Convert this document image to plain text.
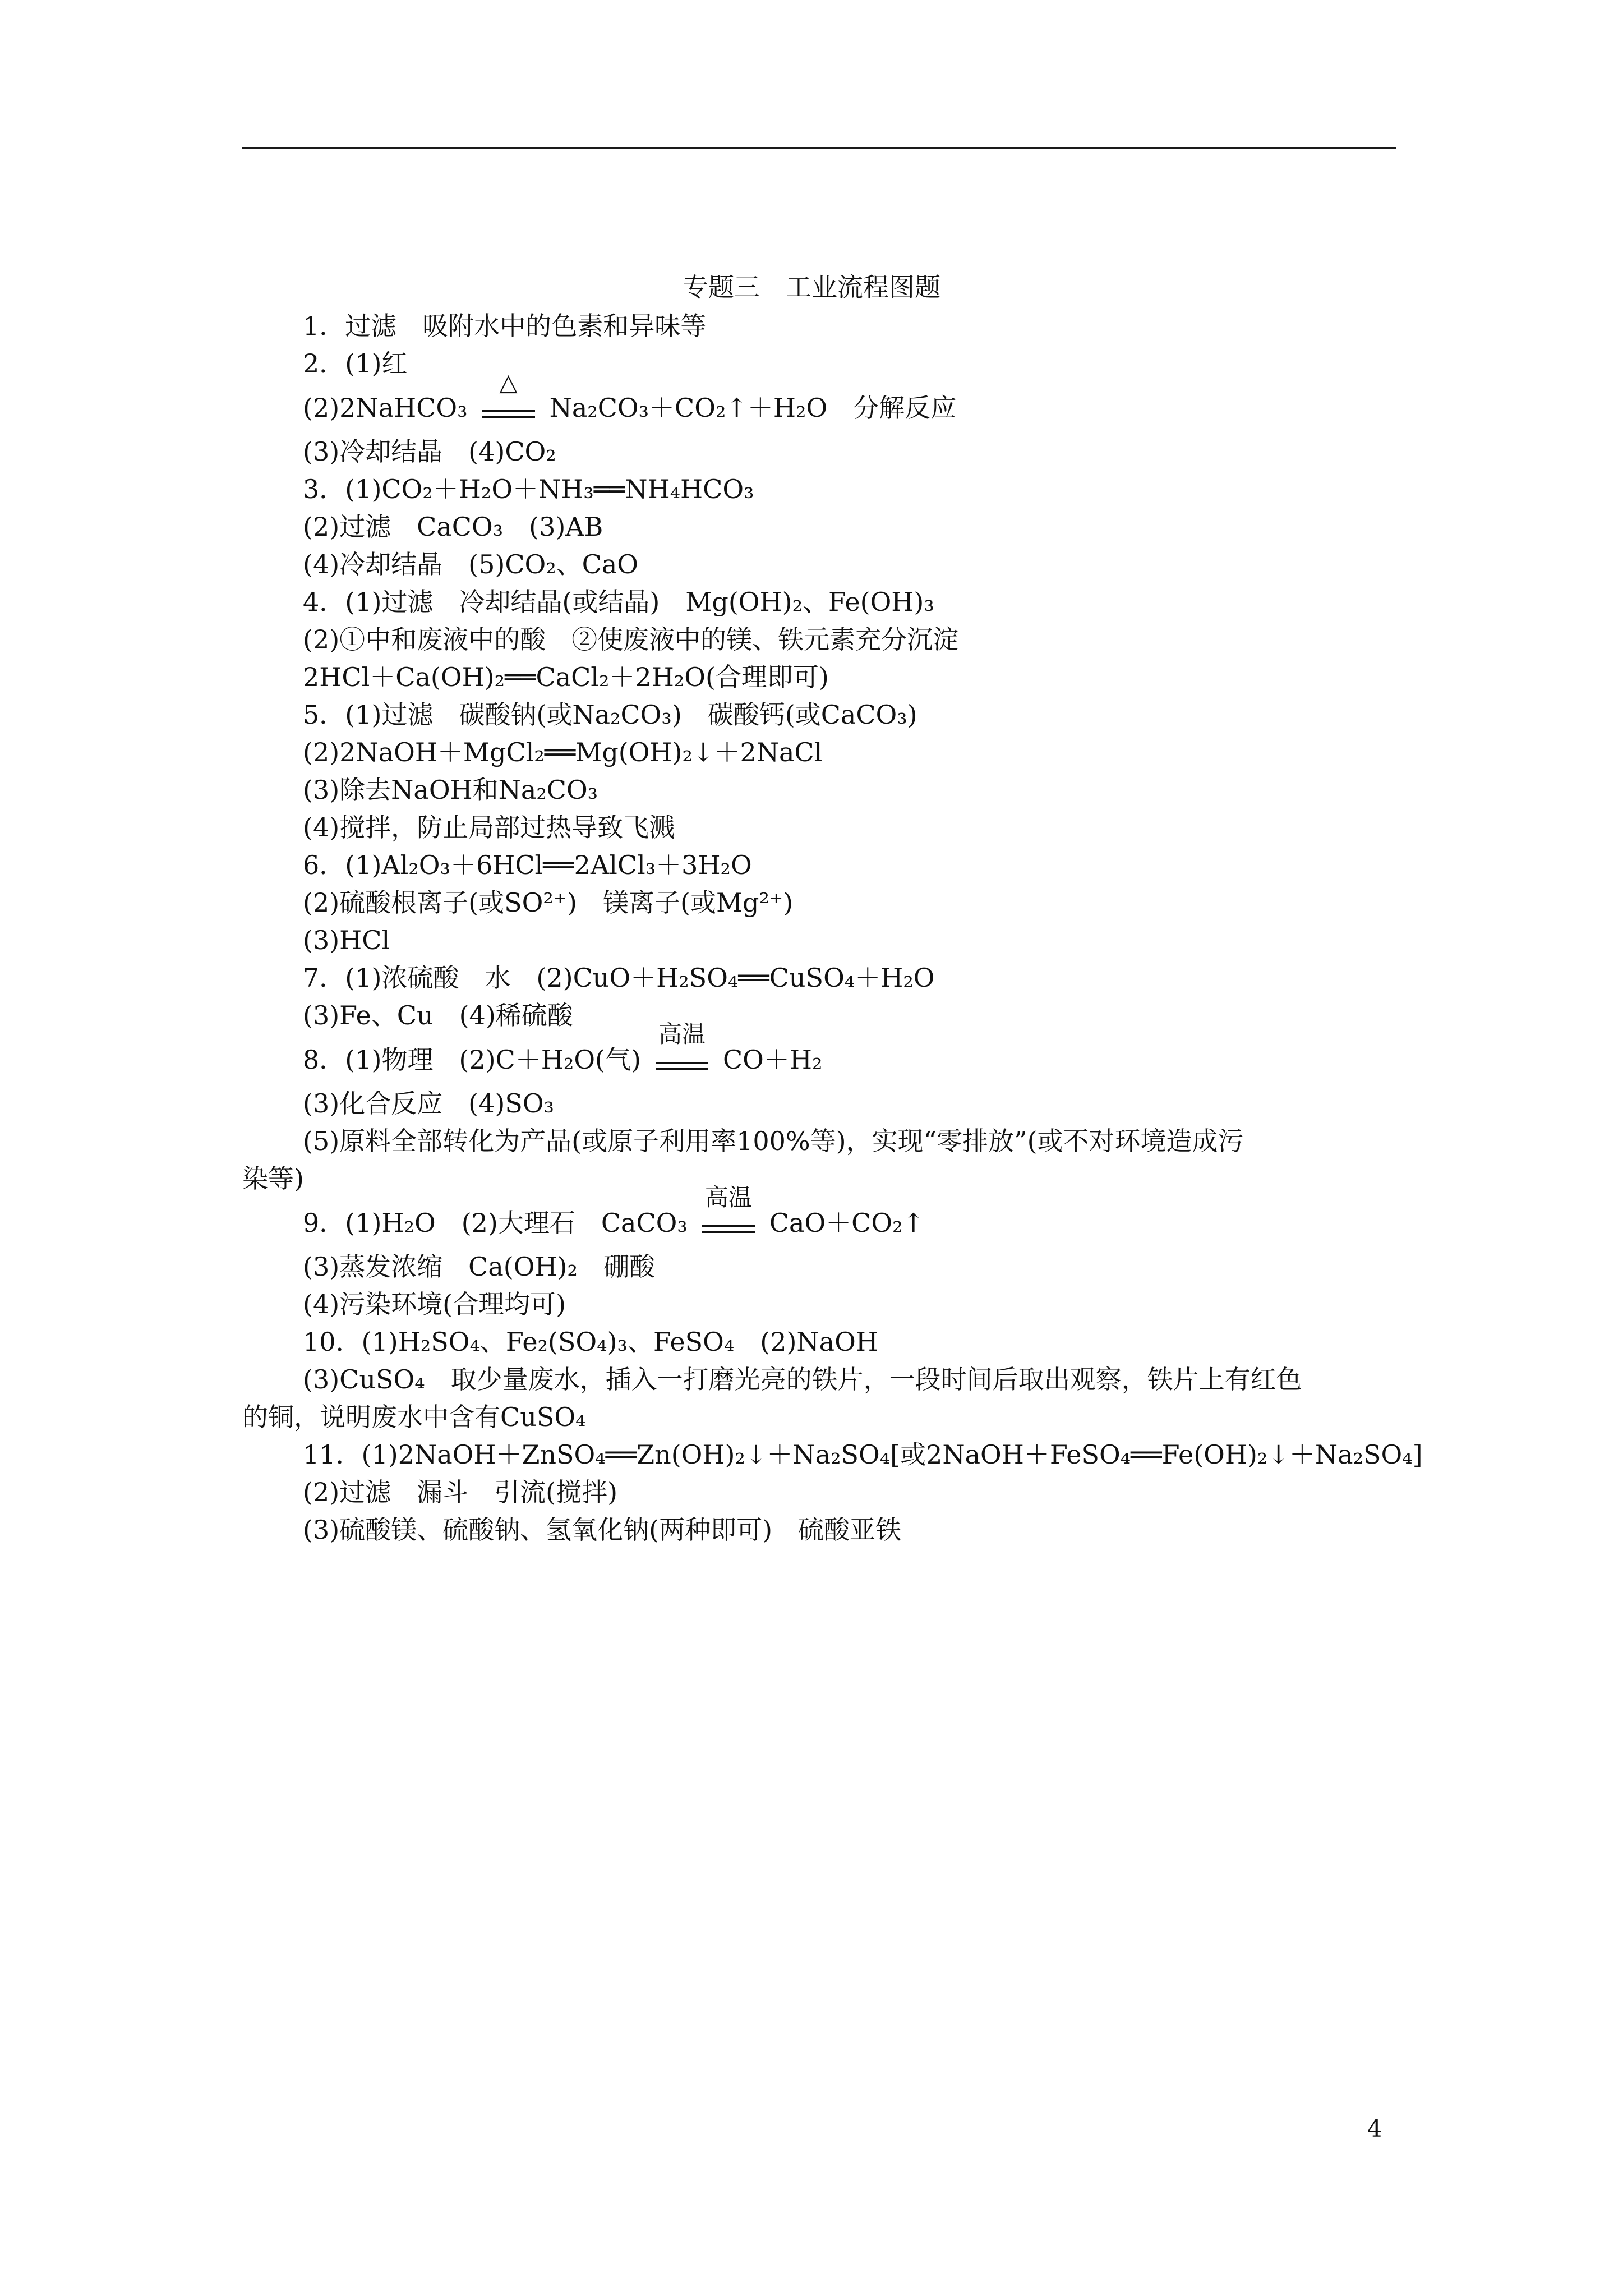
专题三　工业流程图题
1．过滤　吸附水中的色素和异味等
2．(1)红
(2)2NaHCO₃
△
Na₂CO₃＋CO₂↑＋H₂O　分解反应
(3)冷却结晶　(4)CO₂
3．(1)CO₂＋H₂O＋NH₃══NH₄HCO₃
(2)过滤　CaCO₃　(3)AB
(4)冷却结晶　(5)CO₂、CaO
4．(1)过滤　冷却结晶(或结晶)　Mg(OH)₂、Fe(OH)₃
(2)①中和废液中的酸　②使废液中的镁、铁元素充分沉淀
2HCl＋Ca(OH)₂══CaCl₂＋2H₂O(合理即可)
5．(1)过滤　碳酸钠(或Na₂CO₃)　碳酸钙(或CaCO₃)
(2)2NaOH＋MgCl₂══Mg(OH)₂↓＋2NaCl
(3)除去NaOH和Na₂CO₃
(4)搅拌，防止局部过热导致飞溅
6．(1)Al₂O₃＋6HCl══2AlCl₃＋3H₂O
(2)硫酸根离子(或SO²⁺)　镁离子(或Mg²⁺)
(3)HCl
7．(1)浓硫酸　水　(2)CuO＋H₂SO₄══CuSO₄＋H₂O
(3)Fe、Cu　(4)稀硫酸
8．(1)物理　(2)C＋H₂O(气)
高温
CO＋H₂
(3)化合反应　(4)SO₃
(5)原料全部转化为产品(或原子利用率100%等)，实现“零排放”(或不对环境造成污
染等)
9．(1)H₂O　(2)大理石　CaCO₃
高温
CaO＋CO₂↑
(3)蒸发浓缩　Ca(OH)₂　硼酸
(4)污染环境(合理均可)
10．(1)H₂SO₄、Fe₂(SO₄)₃、FeSO₄　(2)NaOH
(3)CuSO₄　取少量废水，插入一打磨光亮的铁片，一段时间后取出观察，铁片上有红色
的铜，说明废水中含有CuSO₄
11．(1)2NaOH＋ZnSO₄══Zn(OH)₂↓＋Na₂SO₄[或2NaOH＋FeSO₄══Fe(OH)₂↓＋Na₂SO₄]
(2)过滤　漏斗　引流(搅拌)
(3)硫酸镁、硫酸钠、氢氧化钠(两种即可)　硫酸亚铁
4
